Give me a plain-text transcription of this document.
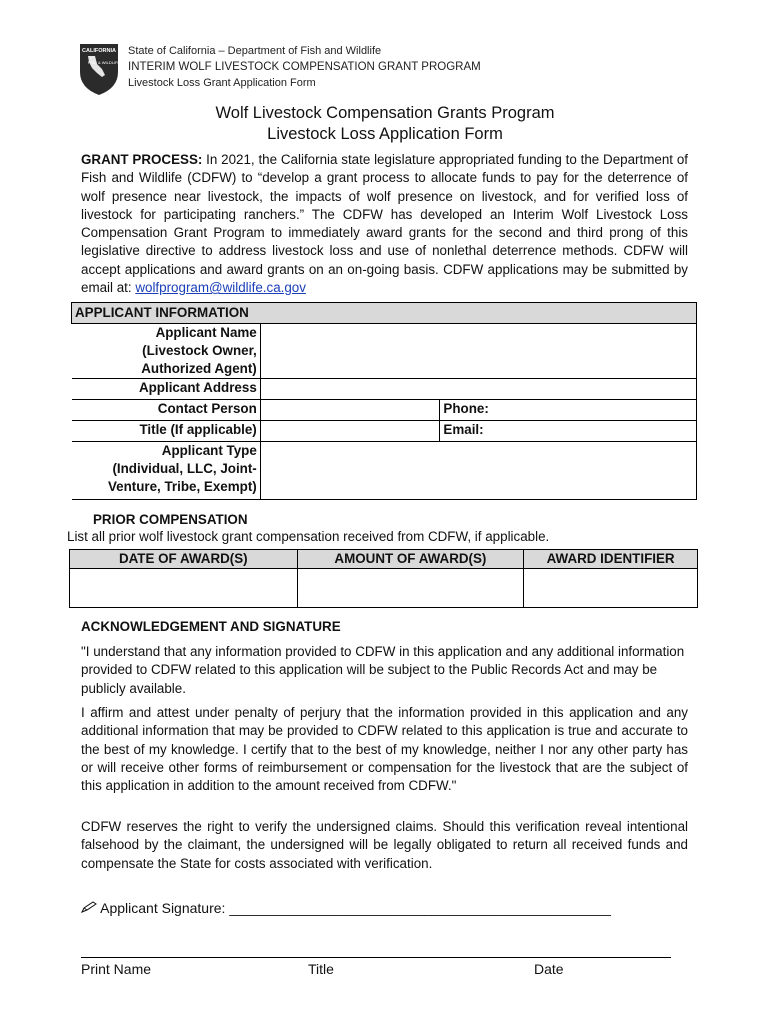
CALIFORNIA
FISH & WILDLIFE
State of California – Department of Fish and Wildlife
INTERIM WOLF LIVESTOCK COMPENSATION GRANT PROGRAM
Livestock Loss Grant Application Form
Wolf Livestock Compensation Grants Program
Livestock Loss Application Form
GRANT PROCESS: In 2021, the California state legislature appropriated funding to the Department of Fish and Wildlife (CDFW) to “develop a grant process to allocate funds to pay for the deterrence of wolf presence near livestock, the impacts of wolf presence on livestock, and for verified loss of livestock for participating ranchers.” The CDFW has developed an Interim Wolf Livestock Loss Compensation Grant Program to immediately award grants for the second and third prong of this legislative directive to address livestock loss and use of nonlethal deterrence methods. CDFW will accept applications and award grants on an on-going basis. CDFW applications may be submitted by email at: wolfprogram@wildlife.ca.gov
APPLICANT INFORMATION		

Applicant Name
(Livestock Owner,
Authorized Agent)		

Applicant Address		
Contact Person		Phone:
Title (If applicable)		Email:

Applicant Type
(Individual, LLC, Joint-
Venture, Tribe, Exempt)		

PRIOR COMPENSATION
List all prior wolf livestock grant compensation received from CDFW, if applicable.
DATE OF AWARD(S)	AMOUNT OF AWARD(S)	AWARD IDENTIFIER

ACKNOWLEDGEMENT AND SIGNATURE
"I understand that any information provided to CDFW in this application and any additional information provided to CDFW related to this application will be subject to the Public Records Act and may be publicly available.
I affirm and attest under penalty of perjury that the information provided in this application and any additional information that may be provided to CDFW related to this application is true and accurate to the best of my knowledge. I certify that to the best of my knowledge, neither I nor any other party has or will receive other forms of reimbursement or compensation for the livestock that are the subject of this application in addition to the amount received from CDFW."
CDFW reserves the right to verify the undersigned claims. Should this verification reveal intentional falsehood by the claimant, the undersigned will be legally obligated to return all received funds and compensate the State for costs associated with verification.
Applicant Signature: _________________________________________________
Print Name	Title	Date
